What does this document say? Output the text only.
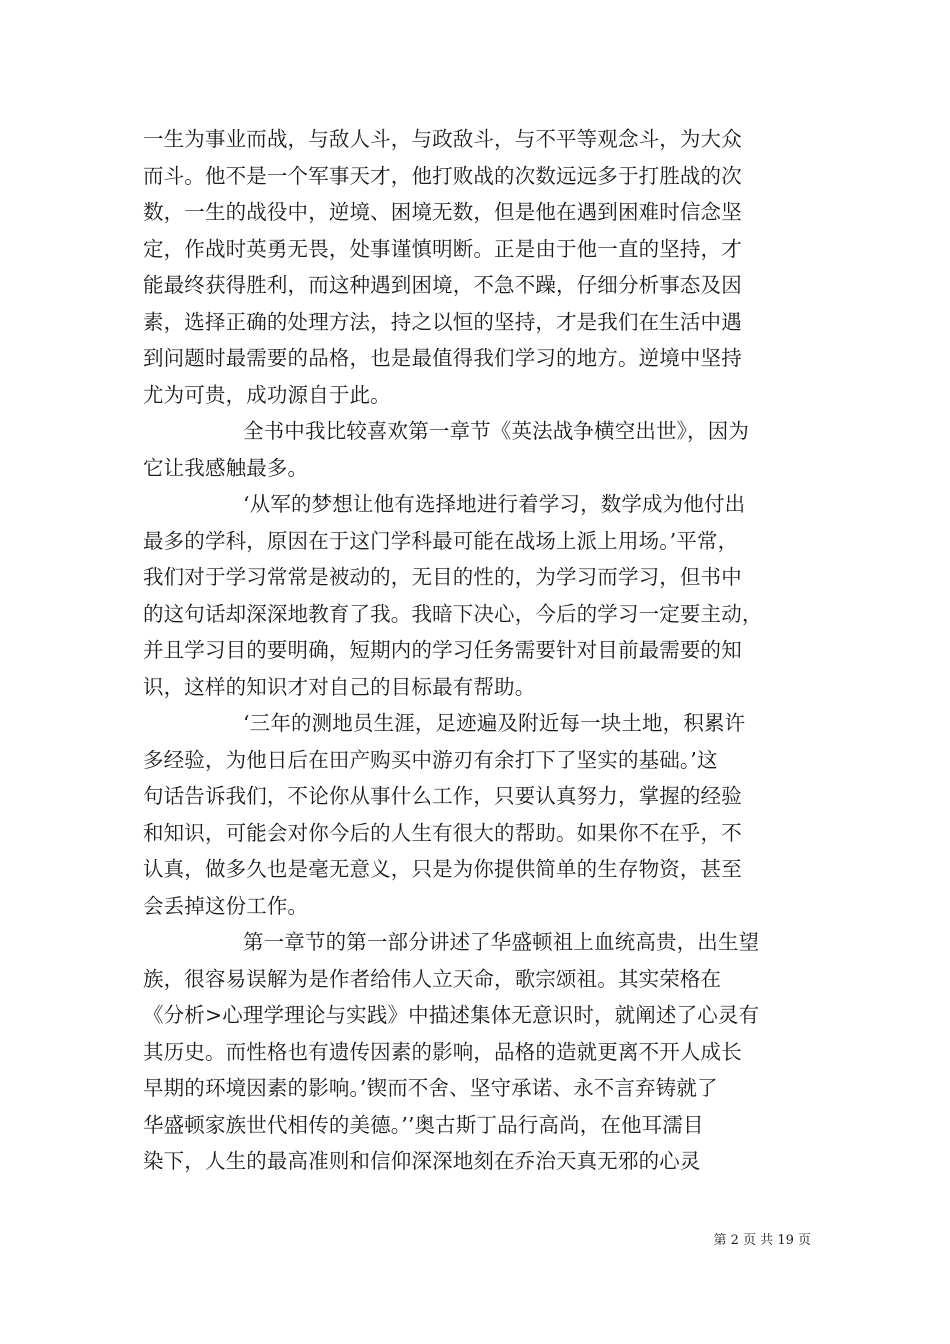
一生为事业而战，与敌人斗，与政敌斗，与不平等观念斗，为大众
而斗。他不是一个军事天才，他打败战的次数远远多于打胜战的次
数，一生的战役中，逆境、困境无数，但是他在遇到困难时信念坚
定，作战时英勇无畏，处事谨慎明断。正是由于他一直的坚持，才
能最终获得胜利，而这种遇到困境，不急不躁，仔细分析事态及因
素，选择正确的处理方法，持之以恒的坚持，才是我们在生活中遇
到问题时最需要的品格，也是最值得我们学习的地方。逆境中坚持
尤为可贵，成功源自于此。
全书中我比较喜欢第一章节《英法战争横空出世》，因为
它让我感触最多。
‘从军的梦想让他有选择地进行着学习，数学成为他付出
最多的学科，原因在于这门学科最可能在战场上派上用场。’平常，
我们对于学习常常是被动的，无目的性的，为学习而学习，但书中
的这句话却深深地教育了我。我暗下决心，今后的学习一定要主动，
并且学习目的要明确，短期内的学习任务需要针对目前最需要的知
识，这样的知识才对自己的目标最有帮助。
‘三年的测地员生涯，足迹遍及附近每一块土地，积累许
多经验，为他日后在田产购买中游刃有余打下了坚实的基础。’这
句话告诉我们，不论你从事什么工作，只要认真努力，掌握的经验
和知识，可能会对你今后的人生有很大的帮助。如果你不在乎，不
认真，做多久也是毫无意义，只是为你提供简单的生存物资，甚至
会丢掉这份工作。
第一章节的第一部分讲述了华盛顿祖上血统高贵，出生望
族，很容易误解为是作者给伟人立天命，歌宗颂祖。其实荣格在
《分析>心理学理论与实践》中描述集体无意识时，就阐述了心灵有
其历史。而性格也有遗传因素的影响，品格的造就更离不开人成长
早期的环境因素的影响。’锲而不舍、坚守承诺、永不言弃铸就了
华盛顿家族世代相传的美德。’’奥古斯丁品行高尚，在他耳濡目
染下，人生的最高准则和信仰深深地刻在乔治天真无邪的心灵
第 2 页 共 19 页
